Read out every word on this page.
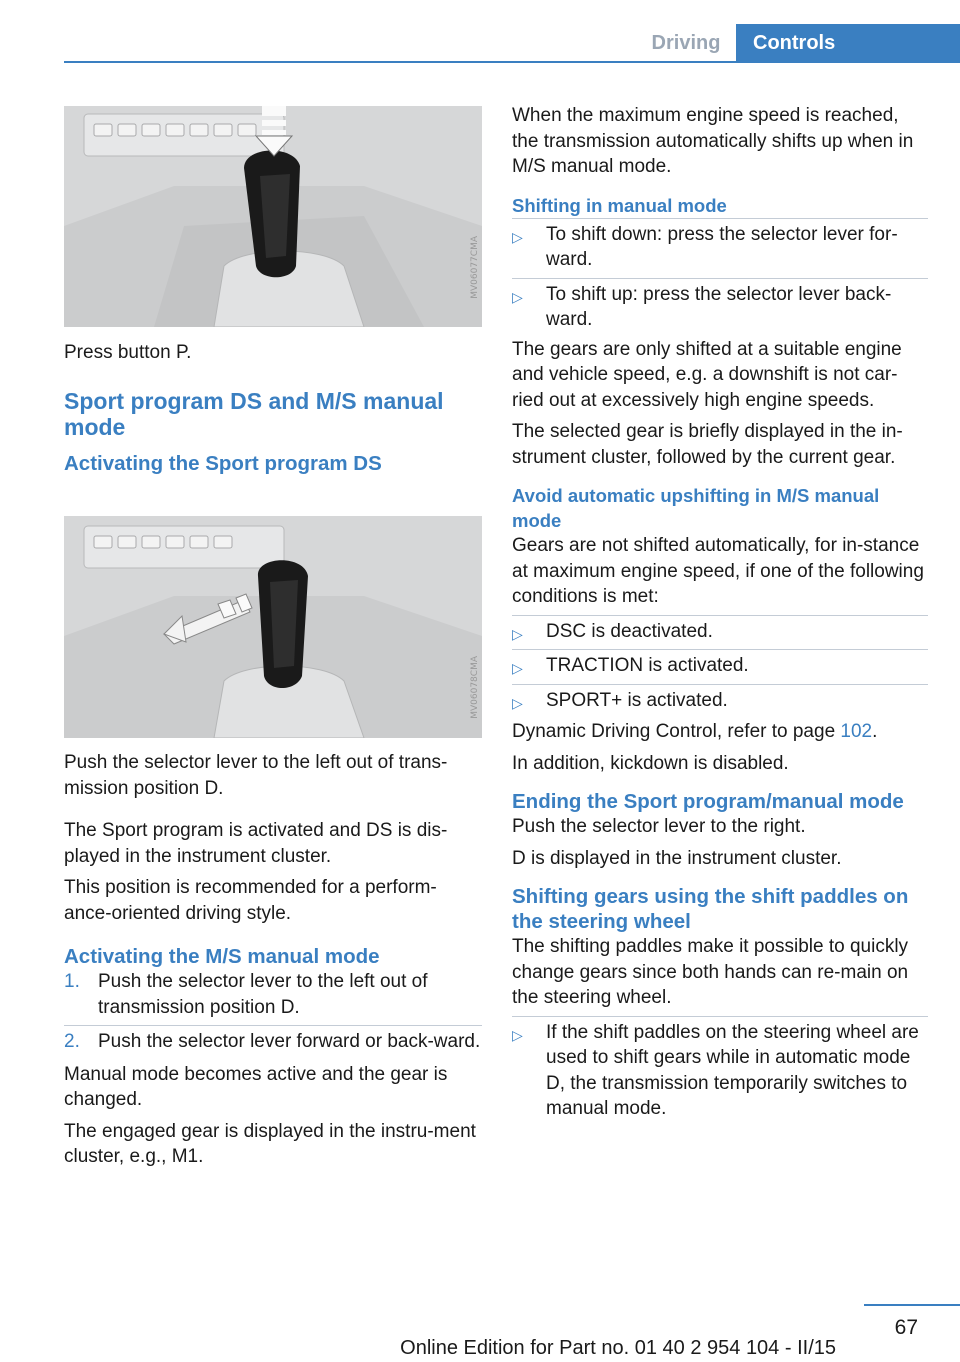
Driving	Controls
MV06077CMA

Press button P.

Sport program DS and M/S manual mode
Activating the Sport program DS
MV06078CMA

Push the selector lever to the left out of trans‐mission position D.

The Sport program is activated and DS is dis‐played in the instrument cluster.

This position is recommended for a perform‐ance-oriented driving style.

Activating the M/S manual mode
1. Push the selector lever to the left out of transmission position D.
2. Push the selector lever forward or back‐ward.

Manual mode becomes active and the gear is changed.

The engaged gear is displayed in the instru‐ment cluster, e.g., M1.

When the maximum engine speed is reached, the transmission automatically shifts up when in M/S manual mode.

Shifting in manual mode
▷ To shift down: press the selector lever for‐ward.
▷ To shift up: press the selector lever back‐ward.

The gears are only shifted at a suitable engine and vehicle speed, e.g. a downshift is not car‐ried out at excessively high engine speeds.

The selected gear is briefly displayed in the in‐strument cluster, followed by the current gear.

Avoid automatic upshifting in M/S manual mode

Gears are not shifted automatically, for in‐stance at maximum engine speed, if one of the following conditions is met:

▷ DSC is deactivated.
▷ TRACTION is activated.
▷ SPORT+ is activated.

Dynamic Driving Control, refer to page 102.

In addition, kickdown is disabled.

Ending the Sport program/manual mode

Push the selector lever to the right.

D is displayed in the instrument cluster.

Shifting gears using the shift paddles on the steering wheel

The shifting paddles make it possible to quickly change gears since both hands can re‐main on the steering wheel.

▷ If the shift paddles on the steering wheel are used to shift gears while in automatic mode D, the transmission temporarily switches to manual mode.
67
Online Edition for Part no. 01 40 2 954 104 - II/15
